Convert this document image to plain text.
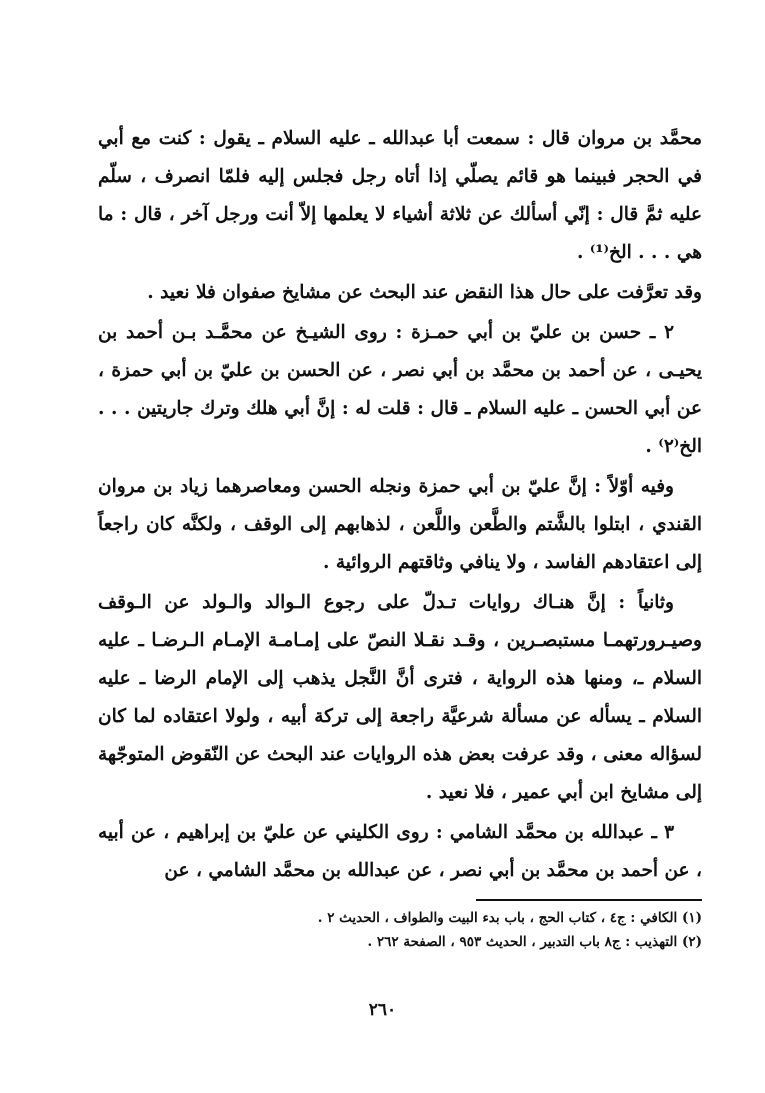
محمَّد بن مروان قال : سمعت أبا عبدالله ـ عليه السلام ـ يقول : كنت مع أبي في الحجر فبينما هو قائم يصلّي إذا أتاه رجل فجلس إليه فلمّا انصرف ، سلّم عليه ثمَّ قال : إنّي أسألك عن ثلاثة أشياء لا يعلمها إلاّ أنت ورجل آخر ، قال : ما هي . . . الخ⁽¹⁾ .

وقد تعرَّفت على حال هذا النقض عند البحث عن مشايخ صفوان فلا نعيد .

٢ ـ حسن بن عليّ بن أبي حمـزة : روى الشيـخ عن محمَّـد بـن أحمد بن يحيـى ، عن أحمد بن محمَّد بن أبي نصر ، عن الحسن بن عليّ بن أبي حمزة ، عن أبي الحسن ـ عليه السلام ـ قال : قلت له : إنَّ أبي هلك وترك جاريتين . . . الخ⁽٢⁾ .

وفيه أوّلاً : إنَّ عليّ بن أبي حمزة ونجله الحسن ومعاصرهما زياد بن مروان القندي ، ابتلوا بالشَّتم والطَّعن واللَّعن ، لذهابهم إلى الوقف ، ولكنَّه كان راجعاً إلى اعتقادهم الفاسد ، ولا ينافي وثاقتهم الروائية .

وثانياً : إنَّ هنـاك روايات تـدلّ على رجوع الـوالد والـولد عن الـوقف وصيـرورتهمـا مستبصـرين ، وقـد نقـلا النصّ على إمـامـة الإمـام الـرضـا ـ عليه السلام ـ، ومنها هذه الرواية ، فترى أنَّ النَّجل يذهب إلى الإمام الرضا ـ عليه السلام ـ يسأله عن مسألة شرعيَّة راجعة إلى تركة أبيه ، ولولا اعتقاده لما كان لسؤاله معنى ، وقد عرفت بعض هذه الروايات عند البحث عن النّقوض المتوجّهة إلى مشايخ ابن أبي عمير ، فلا نعيد .

٣ ـ عبدالله بن محمَّد الشامي : روى الكليني عن عليّ بن إبراهيم ، عن أبيه ، عن أحمد بن محمَّد بن أبي نصر ، عن عبدالله بن محمَّد الشامي ، عن

(١) الكافي : ج٤ ، كتاب الحج ، باب بدء البيت والطواف ، الحديث ٢ .

(٢) التهذيب : ج٨ باب التدبير ، الحديث ٩٥٣ ، الصفحة ٢٦٢ .

٢٦٠
